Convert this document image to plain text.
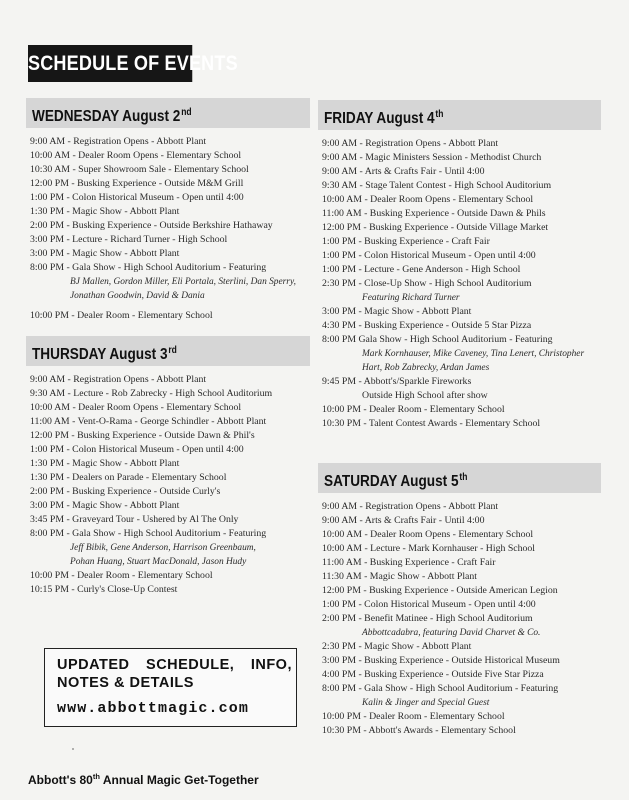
SCHEDULE OF EVENTS
WEDNESDAY August 2nd
9:00 AM - Registration Opens - Abbott Plant
10:00 AM - Dealer Room Opens - Elementary School
10:30 AM - Super Showroom Sale - Elementary School
12:00 PM - Busking Experience - Outside M&M Grill
1:00 PM - Colon Historical Museum - Open until 4:00
1:30 PM - Magic Show - Abbott Plant
2:00 PM - Busking Experience - Outside Berkshire Hathaway
3:00 PM - Lecture - Richard Turner - High School
3:00 PM - Magic Show - Abbott Plant
8:00 PM - Gala Show - High School Auditorium - Featuring
BJ Mallen, Gordon Miller, Eli Portala, Sterlini, Dan Sperry,
Jonathan Goodwin, David & Dania
10:00 PM - Dealer Room - Elementary School
THURSDAY August 3rd
9:00 AM - Registration Opens - Abbott Plant
9:30 AM - Lecture - Rob Zabrecky - High School Auditorium
10:00 AM - Dealer Room Opens - Elementary School
11:00 AM - Vent-O-Rama - George Schindler - Abbott Plant
12:00 PM - Busking Experience - Outside Dawn & Phil's
1:00 PM - Colon Historical Museum - Open until 4:00
1:30 PM - Magic Show - Abbott Plant
1:30 PM - Dealers on Parade - Elementary School
2:00 PM - Busking Experience - Outside Curly's
3:00 PM - Magic Show - Abbott Plant
3:45 PM - Graveyard Tour - Ushered by Al The Only
8:00 PM - Gala Show - High School Auditorium - Featuring
Jeff Bibik, Gene Anderson, Harrison Greenbaum,
Pohan Huang, Stuart MacDonald, Jason Hudy
10:00 PM - Dealer Room - Elementary School
10:15 PM - Curly's Close-Up Contest
FRIDAY August 4th
9:00 AM - Registration Opens - Abbott Plant
9:00 AM - Magic Ministers Session - Methodist Church
9:00 AM - Arts & Crafts Fair - Until 4:00
9:30 AM - Stage Talent Contest - High School Auditorium
10:00 AM - Dealer Room Opens - Elementary School
11:00 AM - Busking Experience - Outside Dawn & Phils
12:00 PM - Busking Experience - Outside Village Market
1:00 PM - Busking Experience - Craft Fair
1:00 PM - Colon Historical Museum - Open until 4:00
1:00 PM - Lecture - Gene Anderson - High School
2:30 PM - Close-Up Show - High School Auditorium
Featuring Richard Turner
3:00 PM - Magic Show - Abbott Plant
4:30 PM - Busking Experience - Outside 5 Star Pizza
8:00 PM Gala Show - High School Auditorium - Featuring
Mark Kornhauser, Mike Caveney, Tina Lenert, Christopher
Hart, Rob Zabrecky, Ardan James
9:45 PM - Abbott's/Sparkle Fireworks
Outside High School after show
10:00 PM - Dealer Room - Elementary School
10:30 PM - Talent Contest Awards - Elementary School
SATURDAY August 5th
9:00 AM - Registration Opens - Abbott Plant
9:00 AM - Arts & Crafts Fair - Until 4:00
10:00 AM - Dealer Room Opens - Elementary School
10:00 AM - Lecture - Mark Kornhauser - High School
11:00 AM - Busking Experience - Craft Fair
11:30 AM - Magic Show - Abbott Plant
12:00 PM - Busking Experience - Outside American Legion
1:00 PM - Colon Historical Museum - Open until 4:00
2:00 PM - Benefit Matinee - High School Auditorium
Abbottcadabra, featuring David Charvet & Co.
2:30 PM - Magic Show - Abbott Plant
3:00 PM - Busking Experience - Outside Historical Museum
4:00 PM - Busking Experience - Outside Five Star Pizza
8:00 PM - Gala Show - High School Auditorium - Featuring
Kalin & Jinger and Special Guest
10:00 PM - Dealer Room - Elementary School
10:30 PM - Abbott's Awards - Elementary School
UPDATED SCHEDULE, INFO, NOTES & DETAILS
www.abbottmagic.com
Abbott's 80th Annual Magic Get-Together
